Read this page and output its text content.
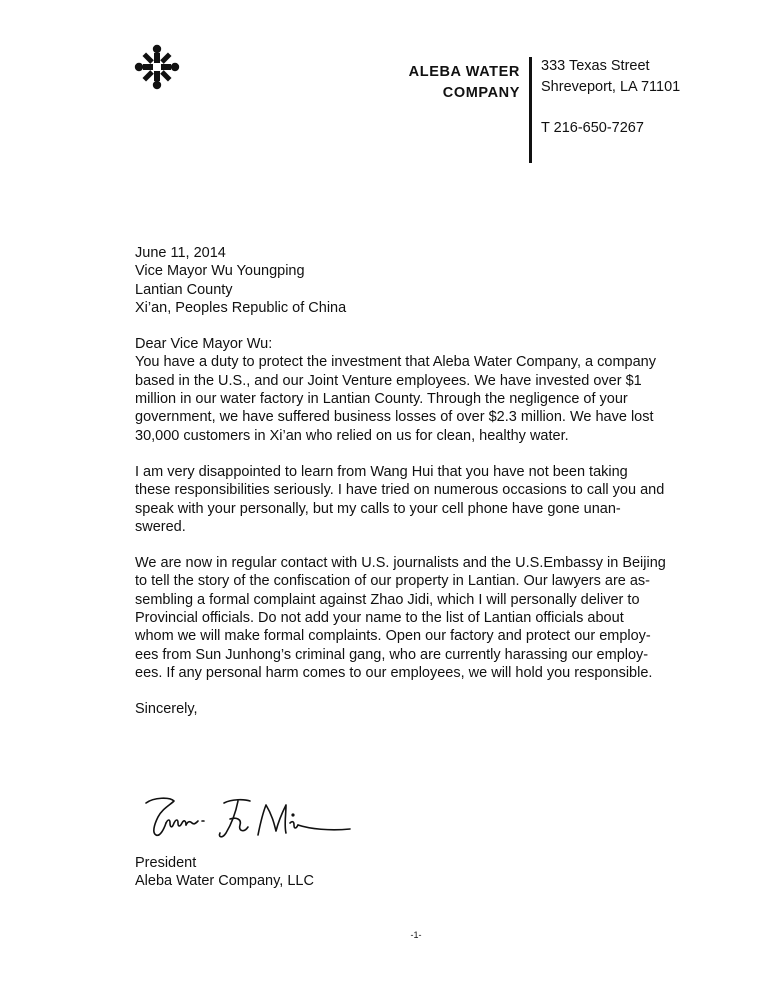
ALEBA WATER
COMPANY
333 Texas Street
Shreveport, LA 71101
T 216-650-7267

June 11, 2014

Vice Mayor Wu Youngping
Lantian County
Xi’an, Peoples Republic of China

Dear Vice Mayor Wu:

You have a duty to protect the investment that Aleba Water Company, a company
based in the U.S., and our Joint Venture employees. We have invested over $1
million in our water factory in Lantian County. Through the negligence of your
government, we have suffered business losses of over $2.3 million. We have lost
30,000 customers in Xi’an who relied on us for clean, healthy water.
I am very disappointed to learn from Wang Hui that you have not been taking
these responsibilities seriously. I have tried on numerous occasions to call you and
speak with your personally, but my calls to your cell phone have gone unan-
swered.
We are now in regular contact with U.S. journalists and the U.S.Embassy in Beijing
to tell the story of the confiscation of our property in Lantian. Our lawyers are as-
sembling a formal complaint against Zhao Jidi, which I will personally deliver to
Provincial officials. Do not add your name to the list of Lantian officials about
whom we will make formal complaints. Open our factory and protect our employ-
ees from Sun Junhong’s criminal gang, who are currently harassing our employ-
ees. If any personal harm comes to our employees, we will hold you responsible.

Sincerely,

President
Aleba Water Company, LLC
-1-
